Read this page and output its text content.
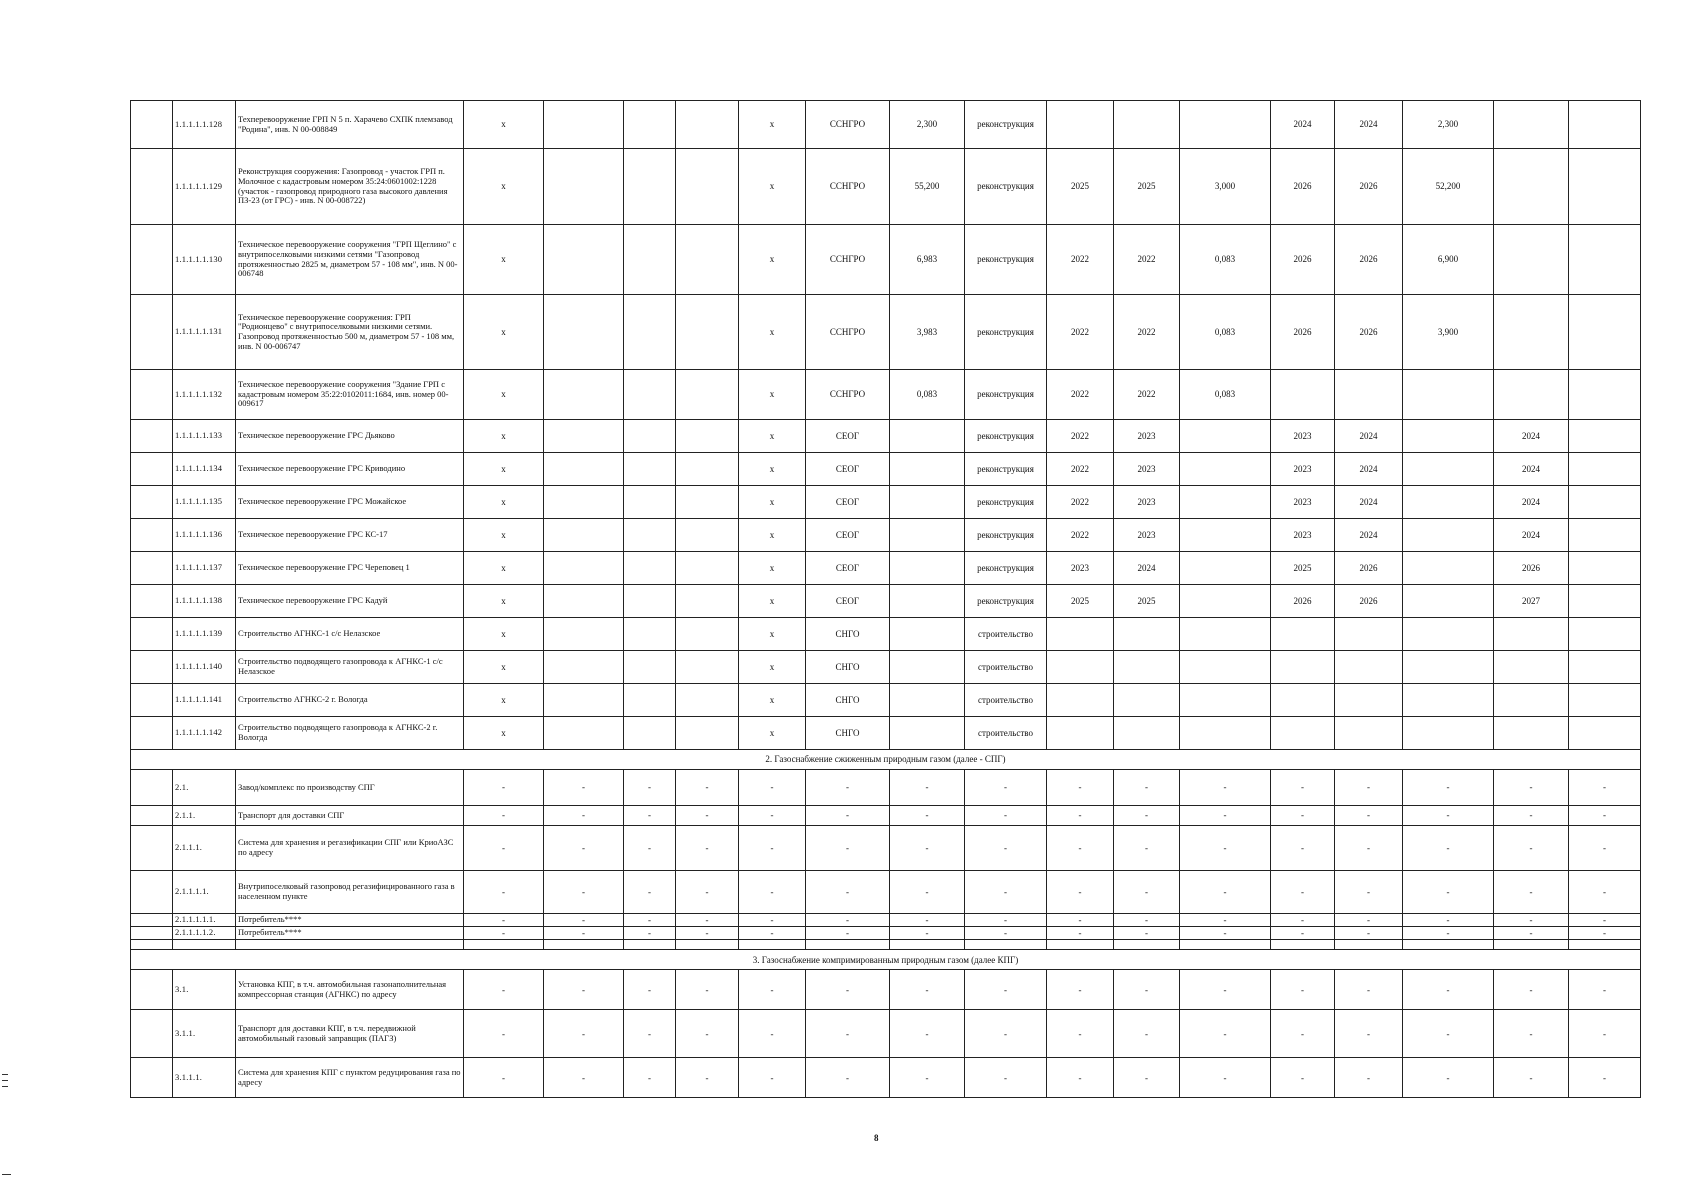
	1.1.1.1.1.128	Техперевооружение ГРП N 5 п. Харачево СХПК племзавод "Родина", инв. N 00-008849	х				х	ССНГРО	2,300	реконструкция				2024	2024	2,300		
	1.1.1.1.1.129	Реконструкция сооружения: Газопровод - участок ГРП п. Молочное с кадастровым номером 35:24:0601002:1228 (участок - газопровод природного газа высокого давления ПЗ-23 (от ГРС) - инв. N 00-008722)	х				х	ССНГРО	55,200	реконструкция	2025	2025	3,000	2026	2026	52,200		
	1.1.1.1.1.130	Техническое перевооружение сооружения "ГРП Щеглино" с внутрипоселковыми низкими сетями "Газопровод протяженностью 2825 м, диаметром 57 - 108 мм", инв. N 00-006748	х				х	ССНГРО	6,983	реконструкция	2022	2022	0,083	2026	2026	6,900		
	1.1.1.1.1.131	Техническое перевооружение сооружения: ГРП "Родионцево" с внутрипоселковыми низкими сетями. Газопровод протяженностью 500 м, диаметром 57 - 108 мм, инв. N 00-006747	х				х	ССНГРО	3,983	реконструкция	2022	2022	0,083	2026	2026	3,900		
	1.1.1.1.1.132	Техническое перевооружение сооружения "Здание ГРП с кадастровым номером 35:22:0102011:1684, инв. номер 00-009617	х				х	ССНГРО	0,083	реконструкция	2022	2022	0,083					
	1.1.1.1.1.133	Техническое перевооружение ГРС Дьяково	х				х	СЕОГ		реконструкция	2022	2023		2023	2024		2024	
	1.1.1.1.1.134	Техническое перевооружение ГРС Криводино	х				х	СЕОГ		реконструкция	2022	2023		2023	2024		2024	
	1.1.1.1.1.135	Техническое перевооружение ГРС Можайское	х				х	СЕОГ		реконструкция	2022	2023		2023	2024		2024	
	1.1.1.1.1.136	Техническое перевооружение ГРС КС-17	х				х	СЕОГ		реконструкция	2022	2023		2023	2024		2024	
	1.1.1.1.1.137	Техническое перевооружение ГРС Череповец 1	х				х	СЕОГ		реконструкция	2023	2024		2025	2026		2026	
	1.1.1.1.1.138	Техническое перевооружение ГРС Кадуй	х				х	СЕОГ		реконструкция	2025	2025		2026	2026		2027	
	1.1.1.1.1.139	Строительство АГНКС-1 с/с Нелазское	х				х	СНГО		строительство								
	1.1.1.1.1.140	Строительство подводящего газопровода к АГНКС-1 с/с Нелазское	х				х	СНГО		строительство								
	1.1.1.1.1.141	Строительство АГНКС-2 г. Вологда	х				х	СНГО		строительство								
	1.1.1.1.1.142	Строительство подводящего газопровода к АГНКС-2 г. Вологда	х				х	СНГО		строительство								
2. Газоснабжение сжиженным природным газом (далее - СПГ)																		
	2.1.	Завод/комплекс по производству СПГ	-	-	-	-	-	-	-	-	-	-	-	-	-	-	-	-
	2.1.1.	Транспорт для доставки СПГ	-	-	-	-	-	-	-	-	-	-	-	-	-	-	-	-
	2.1.1.1.	Система для хранения и регазификации СПГ или КриоАЗС по адресу	-	-	-	-	-	-	-	-	-	-	-	-	-	-	-	-
	2.1.1.1.1.	Внутрипоселковый газопровод регазифицированного газа в населенном пункте	-	-	-	-	-	-	-	-	-	-	-	-	-	-	-	-
	2.1.1.1.1.1.	Потребитель****	-	-	-	-	-	-	-	-	-	-	-	-	-	-	-	-
	2.1.1.1.1.2.	Потребитель****	-	-	-	-	-	-	-	-	-	-	-	-	-	-	-	-

3. Газоснабжение компримированным природным газом (далее КПГ)																		
	3.1.	Установка КПГ, в т.ч. автомобильная газонаполнительная компрессорная станция (АГНКС) по адресу	-	-	-	-	-	-	-	-	-	-	-	-	-	-	-	-
	3.1.1.	Транспорт для доставки КПГ, в т.ч. передвижной автомобильный газовый заправщик (ПАГЗ)	-	-	-	-	-	-	-	-	-	-	-	-	-	-	-	-
	3.1.1.1.	Система для хранения КПГ с пунктом редуцирования газа по адресу	-	-	-	-	-	-	-	-	-	-	-	-	-	-	-	-
8
